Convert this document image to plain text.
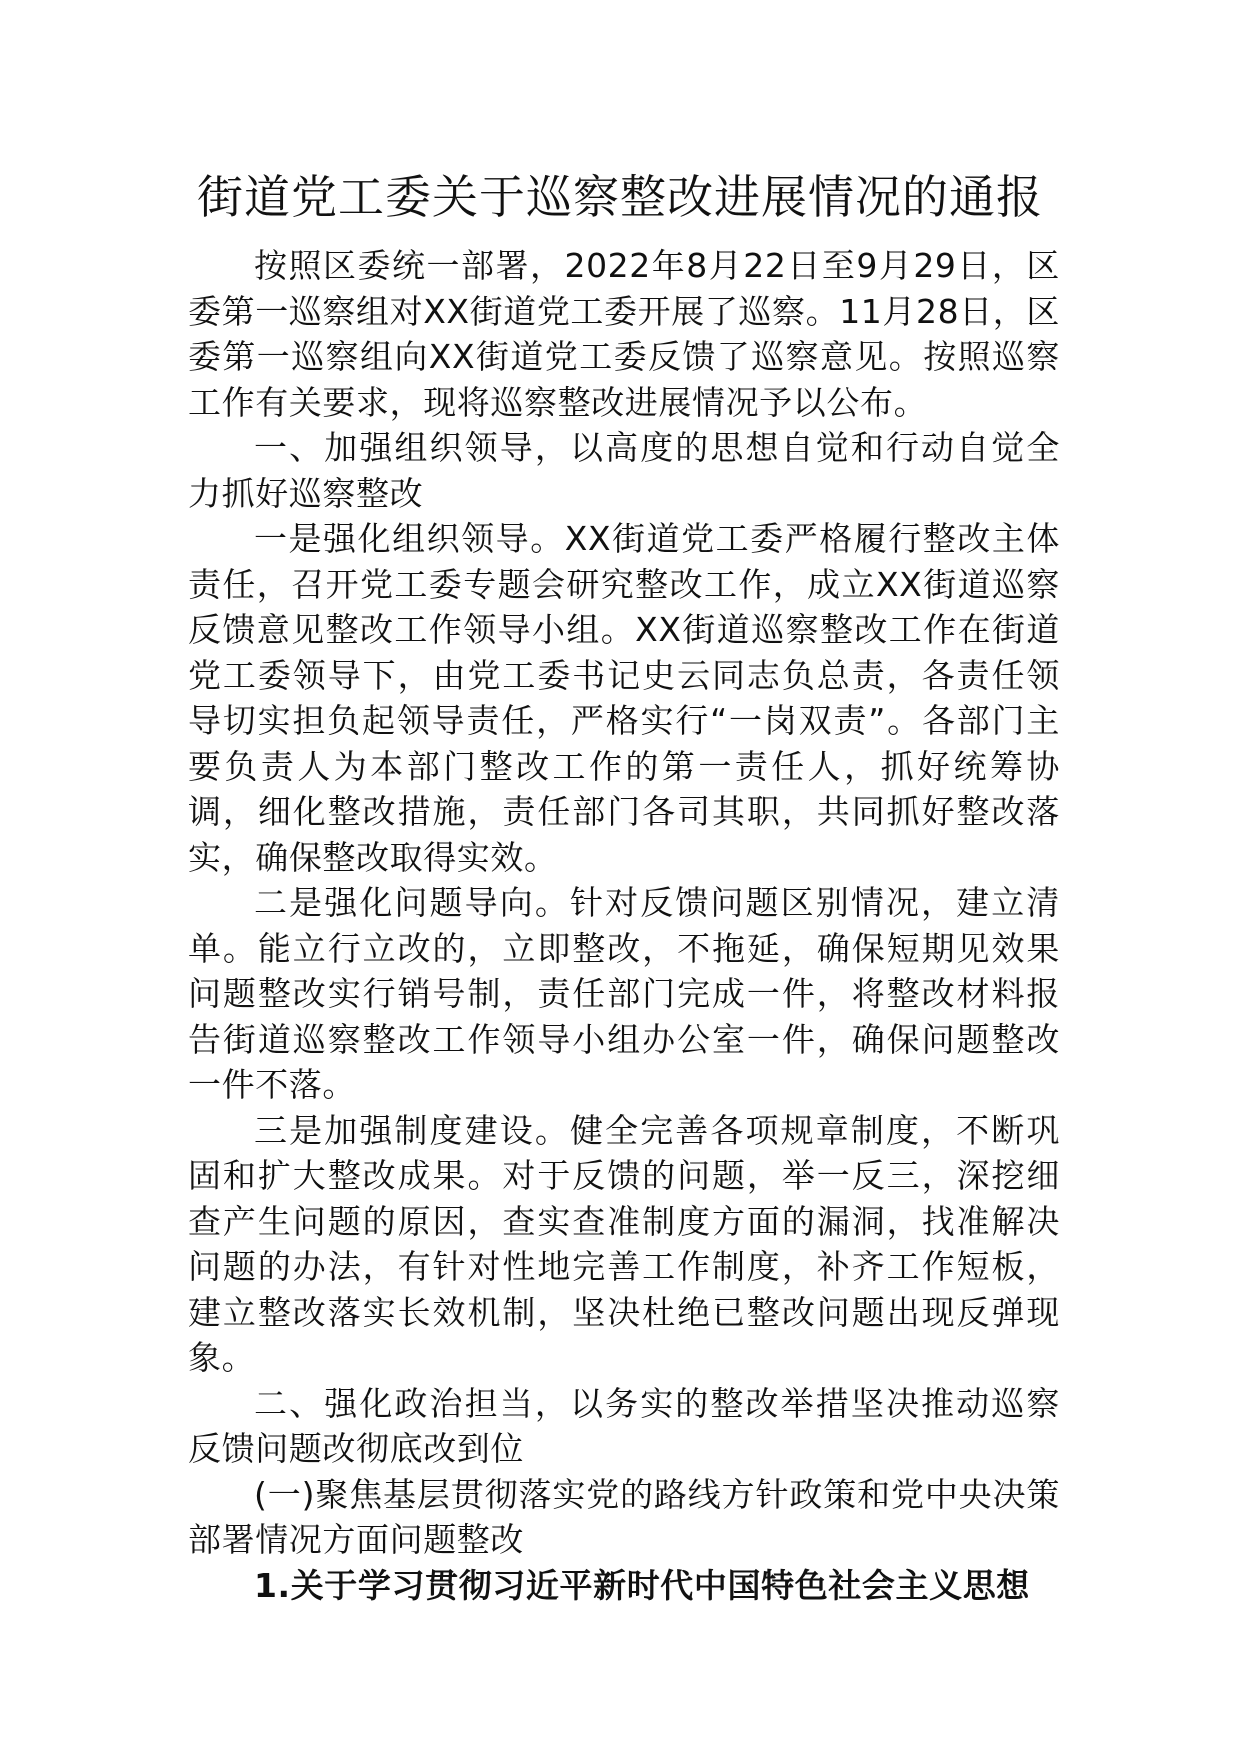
街道党工委关于巡察整改进展情况的通报

按照区委统一部署，2022年8月22日至9月29日，区委第一巡察组对XX街道党工委开展了巡察。11月28日，区委第一巡察组向XX街道党工委反馈了巡察意见。按照巡察工作有关要求，现将巡察整改进展情况予以公布。

一、加强组织领导，以高度的思想自觉和行动自觉全力抓好巡察整改

一是强化组织领导。XX街道党工委严格履行整改主体责任，召开党工委专题会研究整改工作，成立XX街道巡察反馈意见整改工作领导小组。XX街道巡察整改工作在街道党工委领导下，由党工委书记史云同志负总责，各责任领导切实担负起领导责任，严格实行“一岗双责”。各部门主要负责人为本部门整改工作的第一责任人，抓好统筹协调，细化整改措施，责任部门各司其职，共同抓好整改落实，确保整改取得实效。

二是强化问题导向。针对反馈问题区别情况，建立清单。能立行立改的，立即整改，不拖延，确保短期见效果问题整改实行销号制，责任部门完成一件，将整改材料报告街道巡察整改工作领导小组办公室一件，确保问题整改一件不落。

三是加强制度建设。健全完善各项规章制度，不断巩固和扩大整改成果。对于反馈的问题，举一反三，深挖细查产生问题的原因，查实查准制度方面的漏洞，找准解决问题的办法，有针对性地完善工作制度，补齐工作短板，建立整改落实长效机制，坚决杜绝已整改问题出现反弹现象。

二、强化政治担当，以务实的整改举措坚决推动巡察反馈问题改彻底改到位

(一)聚焦基层贯彻落实党的路线方针政策和党中央决策部署情况方面问题整改

1.关于学习贯彻习近平新时代中国特色社会主义思想
